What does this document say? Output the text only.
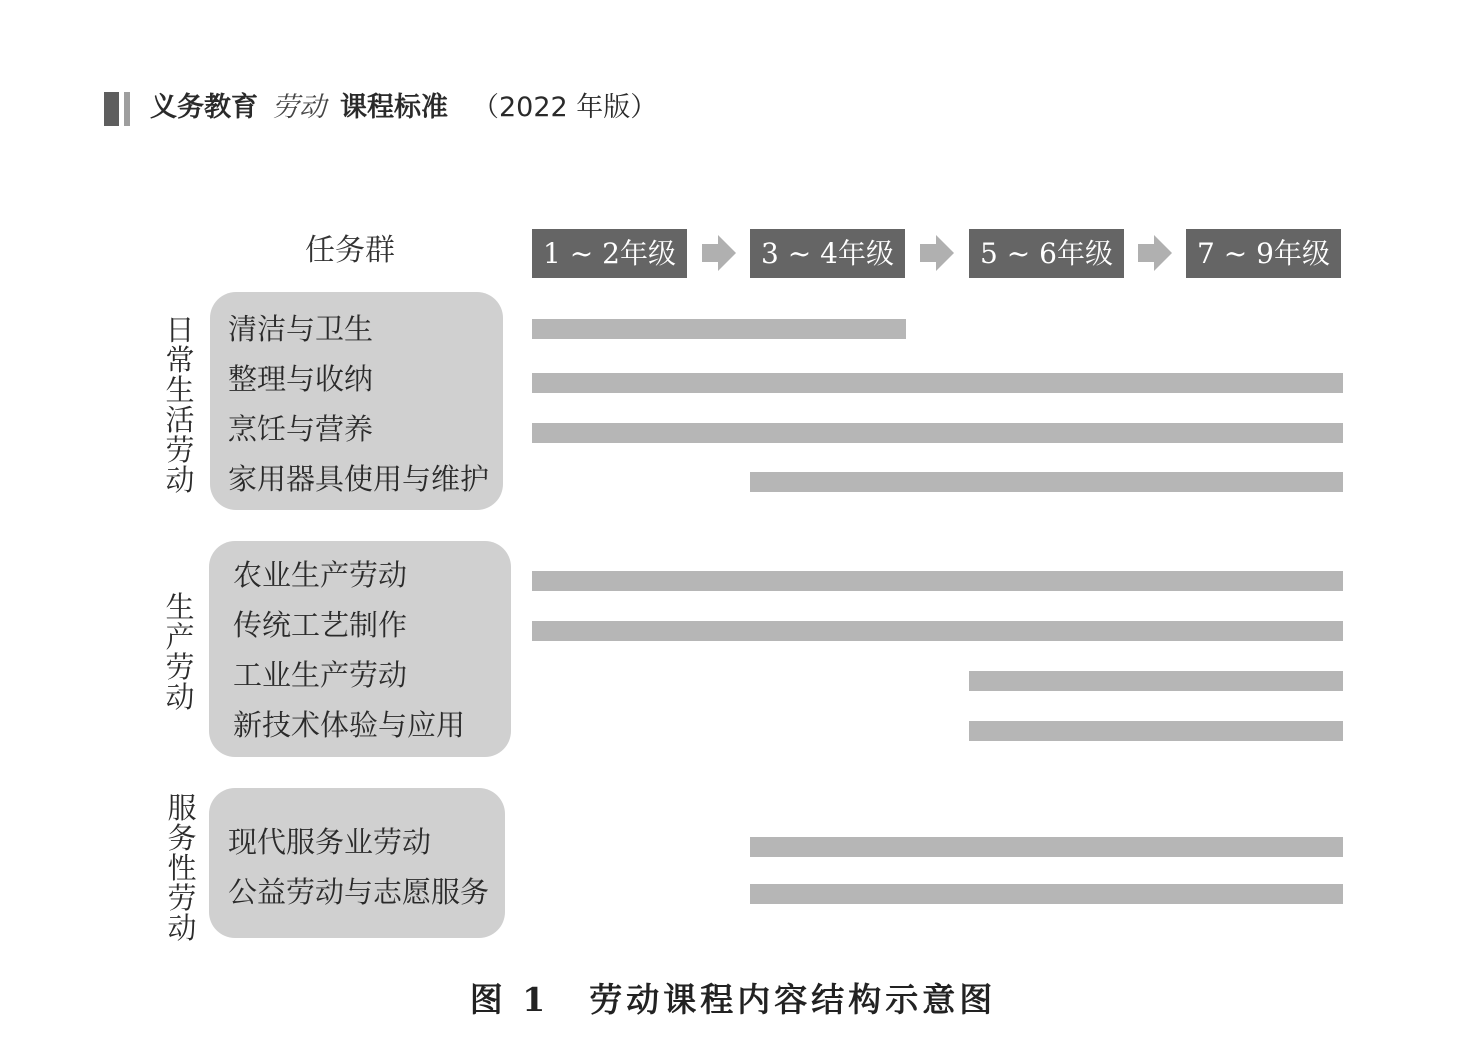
义务教育 劳动 课程标准 （2022 年版）
任务群	1 ~ 2年级	3 ~ 4年级	5 ~ 6年级	7 ~ 9年级
日
常
生
活
劳
动
生
产
劳
动
服
务
性
劳
动
清洁与卫生
整理与收纳
烹饪与营养
家用器具使用与维护
农业生产劳动
传统工艺制作
工业生产劳动
新技术体验与应用
现代服务业劳动
公益劳动与志愿服务
图 1 劳动课程内容结构示意图
